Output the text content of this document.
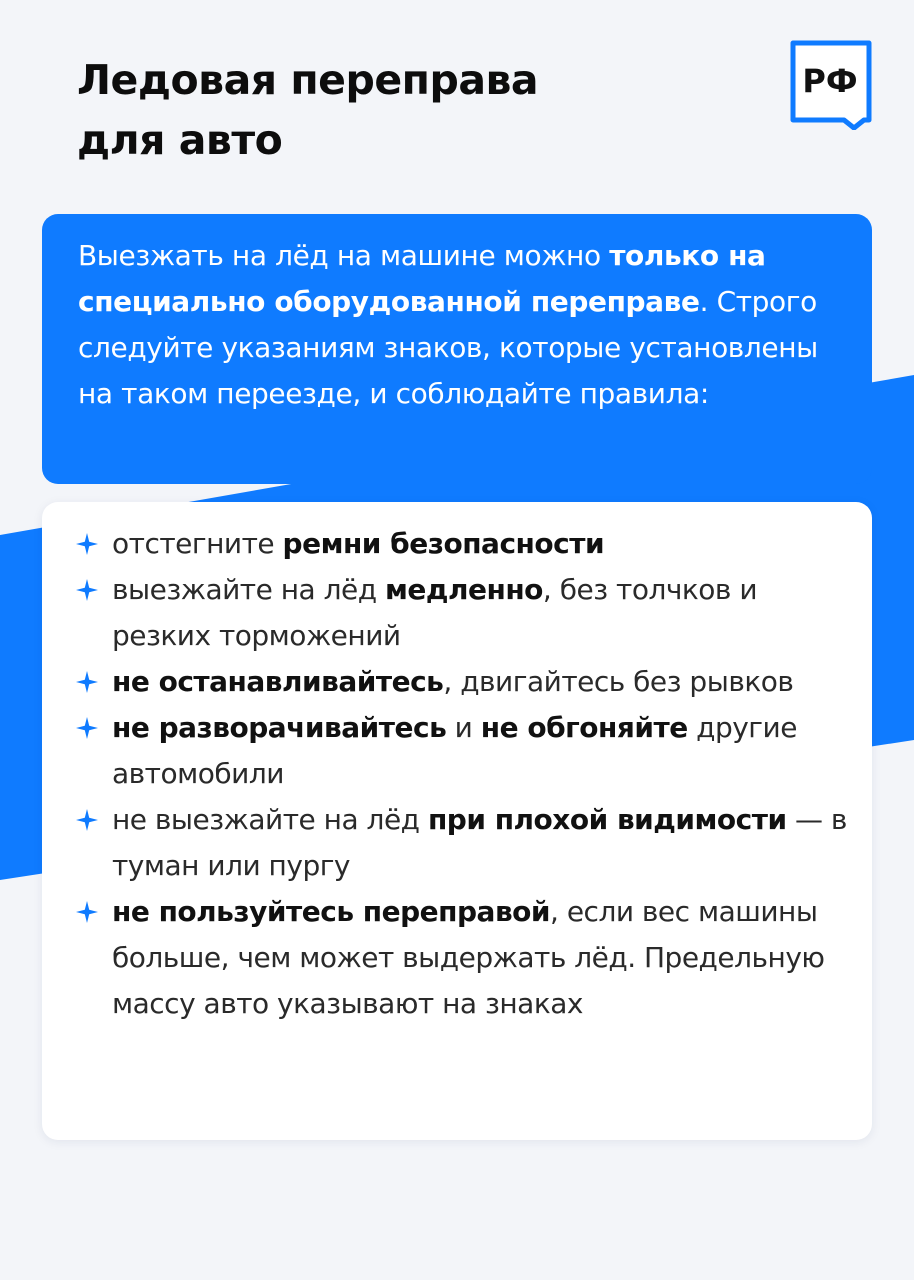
Ледовая переправа
для авто
РФ
Выезжать на лёд на машине можно только на специально оборудованной переправе. Строго следуйте указаниям знаков, которые установлены на таком переезде, и соблюдайте правила:
отстегните ремни безопасности
выезжайте на лёд медленно, без толчков и резких торможений
не останавливайтесь, двигайтесь без рывков
не разворачивайтесь и не обгоняйте другие автомобили
не выезжайте на лёд при плохой видимости — в туман или пургу
не пользуйтесь переправой, если вес машины больше, чем может выдержать лёд. Предельную массу авто указывают на знаках
